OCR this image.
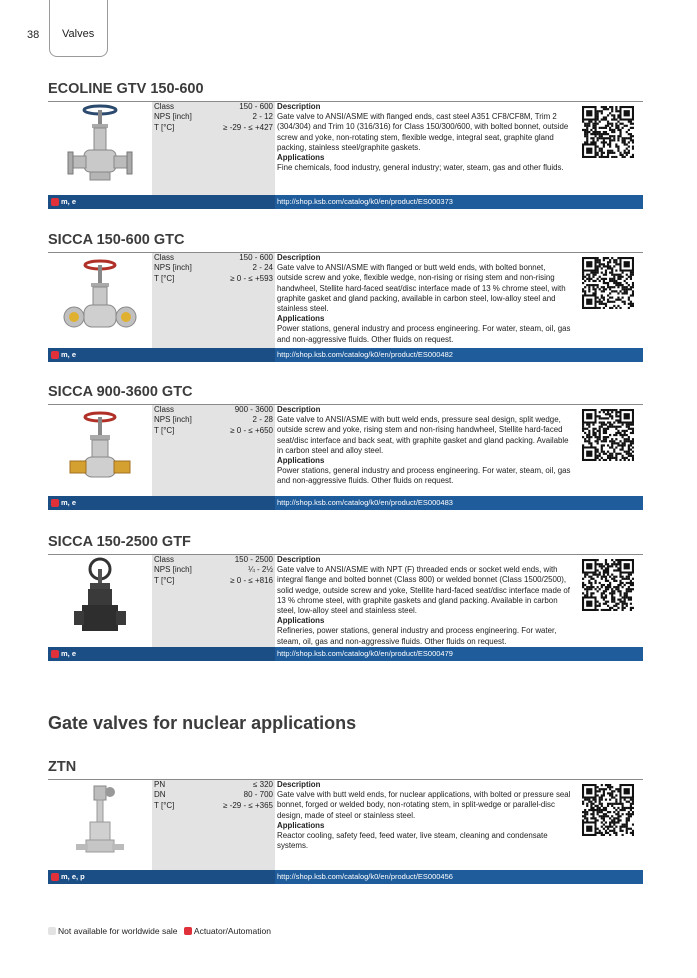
38 Valves
ECOLINE GTV 150-600
Class	150 - 600
NPS [inch]	2 - 12
T [°C]	≥ -29 - ≤ +427
Description
Gate valve to ANSI/ASME with flanged ends, cast steel A351 CF8/CF8M, Trim 2 (304/304) and Trim 10 (316/316) for Class 150/300/600, with bolted bonnet, outside screw and yoke, non-rotating stem, flexible wedge, integral seat, graphite gland packing, stainless steel/graphite gaskets.
Applications
Fine chemicals, food industry, general industry; water, steam, gas and other fluids.
m, e	http://shop.ksb.com/catalog/k0/en/product/ES000373
SICCA 150-600 GTC
Class	150 - 600
NPS [inch]	2 - 24
T [°C]	≥ 0 - ≤ +593
Description
Gate valve to ANSI/ASME with flanged or butt weld ends, with bolted bonnet, outside screw and yoke, flexible wedge, non-rising or rising stem and non-rising handwheel, Stellite hard-faced seat/disc interface made of 13 % chrome steel, with graphite gasket and gland packing, available in carbon steel, low-alloy steel and stainless steel.
Applications
Power stations, general industry and process engineering. For water, steam, oil, gas and non-aggressive fluids. Other fluids on request.
m, e	http://shop.ksb.com/catalog/k0/en/product/ES000482
SICCA 900-3600 GTC
Class	900 - 3600
NPS [inch]	2 - 28
T [°C]	≥ 0 - ≤ +650
Description
Gate valve to ANSI/ASME with butt weld ends, pressure seal design, split wedge, outside screw and yoke, rising stem and non-rising handwheel, Stellite hard-faced seat/disc interface and back seat, with graphite gasket and gland packing. Available in carbon steel and alloy steel.
Applications
Power stations, general industry and process engineering. For water, steam, oil, gas and non-aggressive fluids. Other fluids on request.
m, e	http://shop.ksb.com/catalog/k0/en/product/ES000483
SICCA 150-2500 GTF
Class	150 - 2500
NPS [inch]	¼ - 2½
T [°C]	≥ 0 - ≤ +816
Description
Gate valve to ANSI/ASME with NPT (F) threaded ends or socket weld ends, with integral flange and bolted bonnet (Class 800) or welded bonnet (Class 1500/2500), solid wedge, outside screw and yoke, Stellite hard-faced seat/disc interface made of 13 % chrome steel, with graphite gaskets and gland packing. Available in carbon steel, low-alloy steel and stainless steel.
Applications
Refineries, power stations, general industry and process engineering. For water, steam, oil, gas and non-aggressive fluids. Other fluids on request.
m, e	http://shop.ksb.com/catalog/k0/en/product/ES000479
Gate valves for nuclear applications
ZTN
PN	≤ 320
DN	80 - 700
T [°C]	≥ -29 - ≤ +365
Description
Gate valve with butt weld ends, for nuclear applications, with bolted or pressure seal bonnet, forged or welded body, non-rotating stem, in split-wedge or parallel-disc design, made of steel or stainless steel.
Applications
Reactor cooling, safety feed, feed water, live steam, cleaning and condensate systems.
m, e, p	http://shop.ksb.com/catalog/k0/en/product/ES000456
Not available for worldwide sale Actuator/Automation
